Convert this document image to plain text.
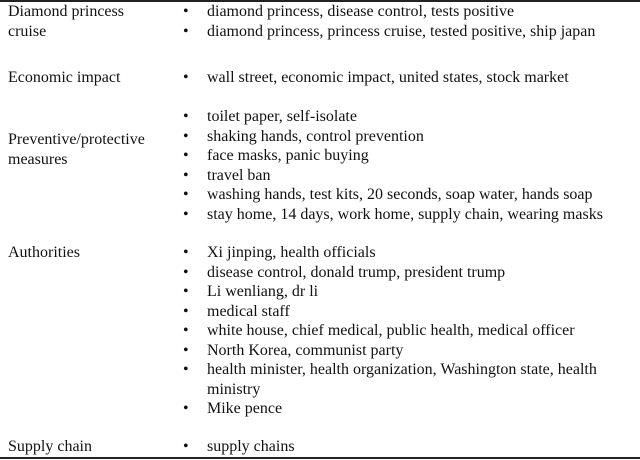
Diamond princess cruise
• diamond princess, disease control, tests positive
• diamond princess, princess cruise, tested positive, ship japan
Economic impact	• wall street, economic impact, united states, stock market
Preventive/protective measures
• toilet paper, self-isolate
• shaking hands, control prevention
• face masks, panic buying
• travel ban
• washing hands, test kits, 20 seconds, soap water, hands soap
• stay home, 14 days, work home, supply chain, wearing masks
Authorities	• Xi jinping, health officials
• disease control, donald trump, president trump
• Li wenliang, dr li
• medical staff
• white house, chief medical, public health, medical officer
• North Korea, communist party
• health minister, health organization, Washington state, health ministry
• Mike pence
Supply chain	• supply chains
